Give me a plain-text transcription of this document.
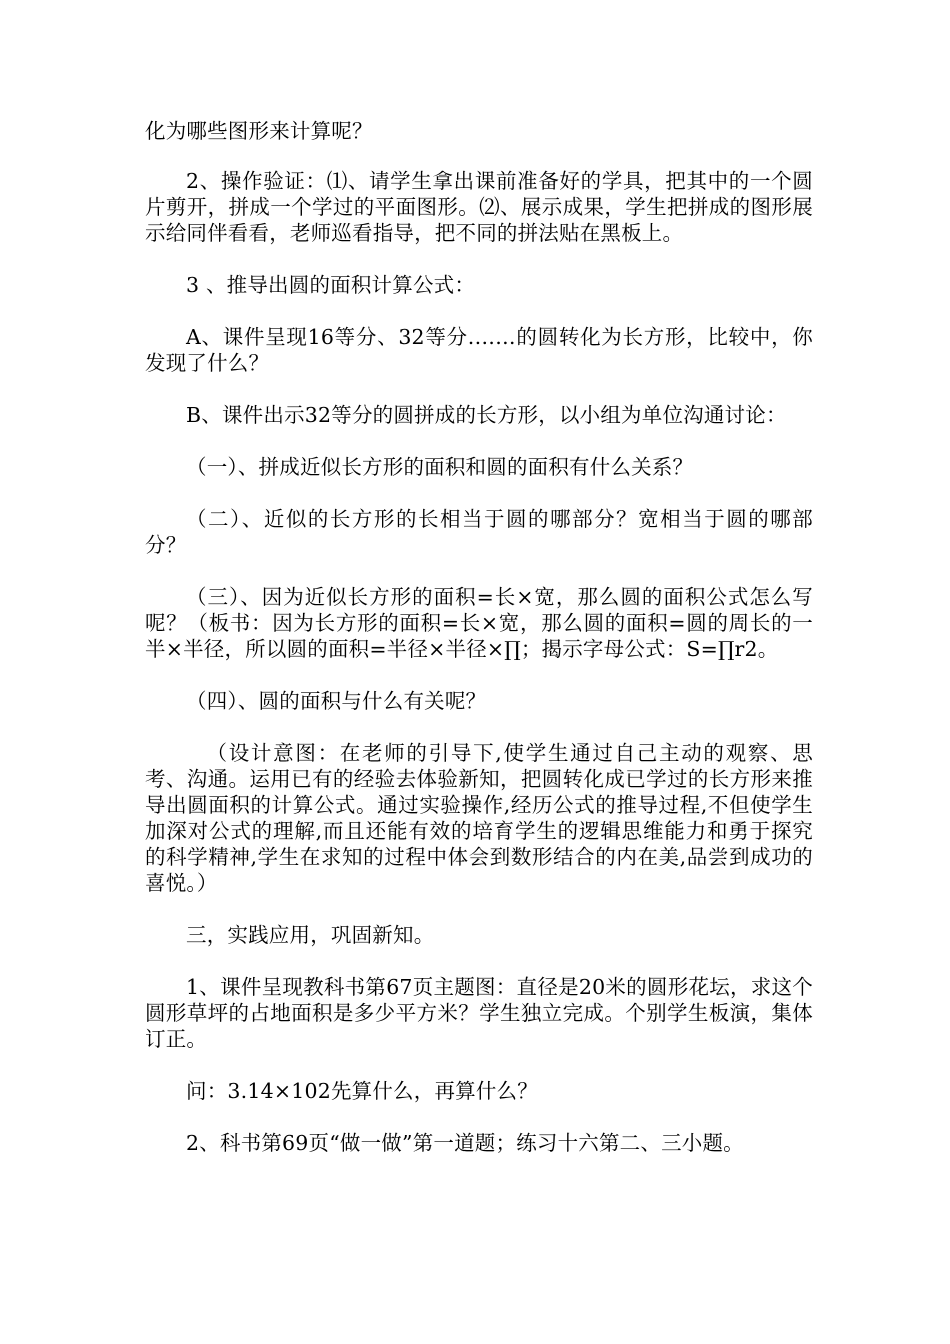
化为哪些图形来计算呢？

2、操作验证：⑴、请学生拿出课前准备好的学具，把其中的一个圆片剪开，拼成一个学过的平面图形。⑵、展示成果，学生把拼成的图形展示给同伴看看，老师巡看指导，把不同的拼法贴在黑板上。

3 、推导出圆的面积计算公式：

A、课件呈现16等分、32等分.……的圆转化为长方形，比较中，你发现了什么？

B、课件出示32等分的圆拼成的长方形，以小组为单位沟通讨论：

（一）、拼成近似长方形的面积和圆的面积有什么关系？

（二）、近似的长方形的长相当于圆的哪部分？宽相当于圆的哪部分？

（三）、因为近似长方形的面积=长×宽，那么圆的面积公式怎么写呢？（板书：因为长方形的面积=长×宽，那么圆的面积=圆的周长的一半×半径，所以圆的面积=半径×半径×∏；揭示字母公式：S=∏r2。

（四）、圆的面积与什么有关呢？

（设计意图：在老师的引导下,使学生通过自己主动的观察、思考、沟通。运用已有的经验去体验新知，把圆转化成已学过的长方形来推导出圆面积的计算公式。通过实验操作,经历公式的推导过程,不但使学生加深对公式的理解,而且还能有效的培育学生的逻辑思维能力和勇于探究的科学精神,学生在求知的过程中体会到数形结合的内在美,品尝到成功的喜悦。）

三，实践应用，巩固新知。

1、课件呈现教科书第67页主题图：直径是20米的圆形花坛，求这个圆形草坪的占地面积是多少平方米？学生独立完成。个别学生板演，集体订正。

问：3.14×102先算什么，再算什么？

2、科书第69页“做一做”第一道题；练习十六第二、三小题。
